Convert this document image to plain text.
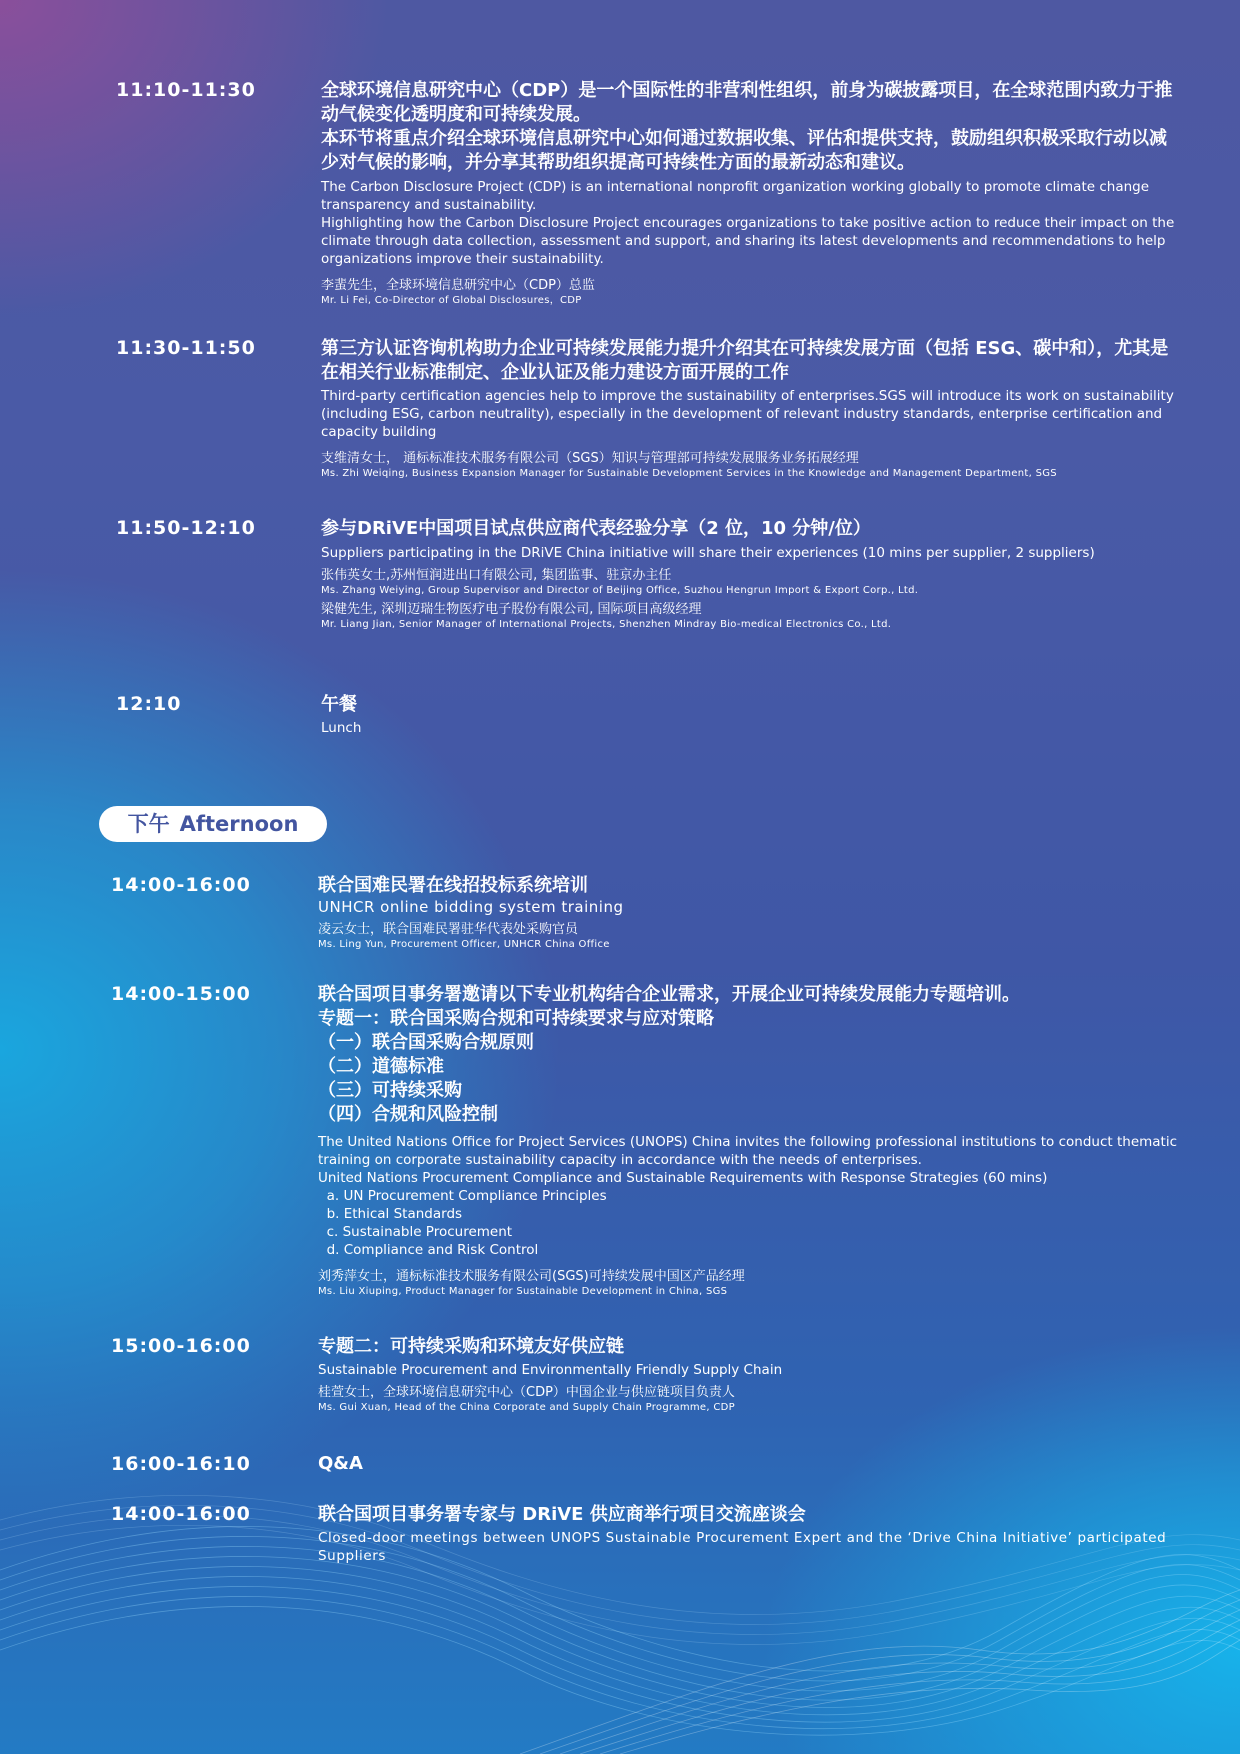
11:10-11:30	全球环境信息研究中心（CDP）是一个国际性的非营利性组织，前身为碳披露项目，在全球范围内致力于推动气候变化透明度和可持续发展。
本环节将重点介绍全球环境信息研究中心如何通过数据收集、评估和提供支持，鼓励组织积极采取行动以减少对气候的影响，并分享其帮助组织提高可持续性方面的最新动态和建议。
The Carbon Disclosure Project (CDP) is an international nonprofit organization working globally to promote climate change transparency and sustainability.
Highlighting how the Carbon Disclosure Project encourages organizations to take positive action to reduce their impact on the climate through data collection, assessment and support, and sharing its latest developments and recommendations to help organizations improve their sustainability.
李蜚先生，全球环境信息研究中心（CDP）总监
Mr. Li Fei, Co-Director of Global Disclosures，CDP
11:30-11:50	第三方认证咨询机构助力企业可持续发展能力提升介绍其在可持续发展方面（包括 ESG、碳中和），尤其是在相关行业标准制定、企业认证及能力建设方面开展的工作
Third-party certification agencies help to improve the sustainability of enterprises.SGS will introduce its work on sustainability (including ESG, carbon neutrality), especially in the development of relevant industry standards, enterprise certification and capacity building
支维清女士， 通标标准技术服务有限公司（SGS）知识与管理部可持续发展服务业务拓展经理
Ms. Zhi Weiqing, Business Expansion Manager for Sustainable Development Services in the Knowledge and Management Department, SGS
11:50-12:10	参与DRiVE中国项目试点供应商代表经验分享（2 位，10 分钟/位）
Suppliers participating in the DRiVE China initiative will share their experiences (10 mins per supplier, 2 suppliers)
张伟英女士,苏州恒润进出口有限公司, 集团监事、驻京办主任
Ms. Zhang Weiying, Group Supervisor and Director of Beijing Office, Suzhou Hengrun Import & Export Corp., Ltd.
梁健先生, 深圳迈瑞生物医疗电子股份有限公司, 国际项目高级经理
Mr. Liang Jian, Senior Manager of International Projects, Shenzhen Mindray Bio-medical Electronics Co., Ltd.
12:10	午餐
Lunch
下午 Afternoon
14:00-16:00	联合国难民署在线招投标系统培训
UNHCR online bidding system training
凌云女士，联合国难民署驻华代表处采购官员
Ms. Ling Yun, Procurement Officer, UNHCR China Office
14:00-15:00	联合国项目事务署邀请以下专业机构结合企业需求，开展企业可持续发展能力专题培训。
专题一：联合国采购合规和可持续要求与应对策略
（一）联合国采购合规原则
（二）道德标准
（三）可持续采购
（四）合规和风险控制
The United Nations Office for Project Services (UNOPS) China invites the following professional institutions to conduct thematic training on corporate sustainability capacity in accordance with the needs of enterprises.
United Nations Procurement Compliance and Sustainable Requirements with Response Strategies (60 mins)
a. UN Procurement Compliance Principles
b. Ethical Standards
c. Sustainable Procurement
d. Compliance and Risk Control
刘秀萍女士，通标标准技术服务有限公司(SGS)可持续发展中国区产品经理
Ms. Liu Xiuping, Product Manager for Sustainable Development in China, SGS
15:00-16:00	专题二：可持续采购和环境友好供应链
Sustainable Procurement and Environmentally Friendly Supply Chain
桂萱女士，全球环境信息研究中心（CDP）中国企业与供应链项目负责人
Ms. Gui Xuan, Head of the China Corporate and Supply Chain Programme, CDP
16:00-16:10	Q&A
14:00-16:00	联合国项目事务署专家与 DRiVE 供应商举行项目交流座谈会
Closed-door meetings between UNOPS Sustainable Procurement Expert and the ‘Drive China Initiative’ participated Suppliers
